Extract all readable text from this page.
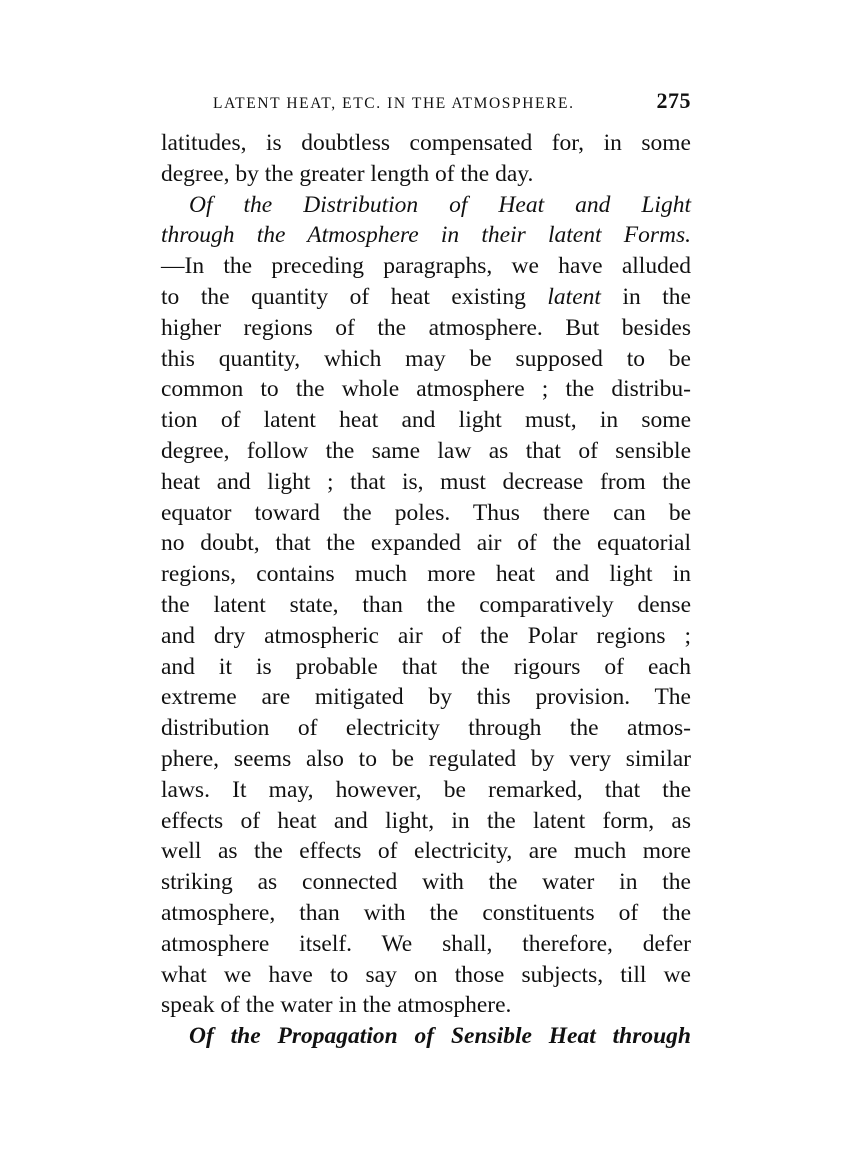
LATENT HEAT, ETC. IN THE ATMOSPHERE.	275
latitudes, is doubtless compensated for, in some
degree, by the greater length of the day.
Of the Distribution of Heat and Light
through the Atmosphere in their latent Forms.
—In the preceding paragraphs, we have alluded
to the quantity of heat existing latent in the
higher regions of the atmosphere. But besides
this quantity, which may be supposed to be
common to the whole atmosphere ; the distribu-
tion of latent heat and light must, in some
degree, follow the same law as that of sensible
heat and light ; that is, must decrease from the
equator toward the poles. Thus there can be
no doubt, that the expanded air of the equatorial
regions, contains much more heat and light in
the latent state, than the comparatively dense
and dry atmospheric air of the Polar regions ;
and it is probable that the rigours of each
extreme are mitigated by this provision. The
distribution of electricity through the atmos-
phere, seems also to be regulated by very similar
laws. It may, however, be remarked, that the
effects of heat and light, in the latent form, as
well as the effects of electricity, are much more
striking as connected with the water in the
atmosphere, than with the constituents of the
atmosphere itself. We shall, therefore, defer
what we have to say on those subjects, till we
speak of the water in the atmosphere.
Of the Propagation of Sensible Heat through
